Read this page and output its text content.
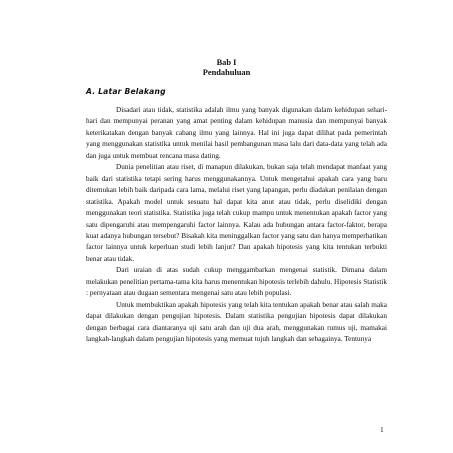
Bab I
Pendahuluan
A. Latar Belakang

Disadari atau tidak, statistika adalah ilmu yang banyak digunakan dalam kehidupan sehari-hari dan mempunyai peranan yang amat penting dalam kehidupan manusia dan mempunyai banyak keterikatakan dengan banyak cabang ilmu yang lainnya. Hal ini juga dapat dilihat pada pemerintah yang menggunakan statistika untuk menilai hasil pembangunan masa lalu dari data-data yang telah ada dan juga untuk membuat rencana masa dating.

Dunia penelitian atau riset, di manapun dilakukan, bukan saja telah mendapat manfaat yang baik dari statistika tetapi sering harus menggunakannya. Untuk mengetahui apakah cara yang baru ditemukan lebih baik daripada cara lama, melalui riset yang lapangan, perlu diadakan penilaian dengan statistika. Apakah model untuk sesuatu hal dapat kita anut atau tidak, perlu diselidiki dengan menggunakan teori statistika. Statistika juga telah cukup mampu untuk menentukan apakah factor yang satu dipengaruhi atau mempengaruhi factor lainnya. Kalau ada hubungan antara factor-faktor, berapa kuat adanya hubungan tersebut? Bisakah kita meninggalkan factor yang satu dan hanya memperhatikan factor lainnya untuk keperluan studi lebih lanjut? Dan apakah hipotesis yang kita tentukan terbukti benar atau tidak.

Dari uraian di atas sudah cukup menggambarkan mengenai statistik. Dimana dalam melakukan penelitian pertama-tama kita harus menentukan hipotesis terlebih dahulu. Hipotesis Statistik : pernyataan atau dugaan sementara mengenai satu atau lebih populasi.

Untuk membuktikan apakah hipotesis yang telah kita tentukan apakah benar atau salah maka dapat dilakukan dengan pengujian hipotesis. Dalam statistika pengujian hipotesis dapat dilakukan dengan berbagai cara diantaranya uji satu arah dan uji dua arah, menggunakan rumus uji, mamakai langkah-langkah dalam pengujian hipotesis yang memuat tujuh langkah dan sebagainya. Tentunya

1
